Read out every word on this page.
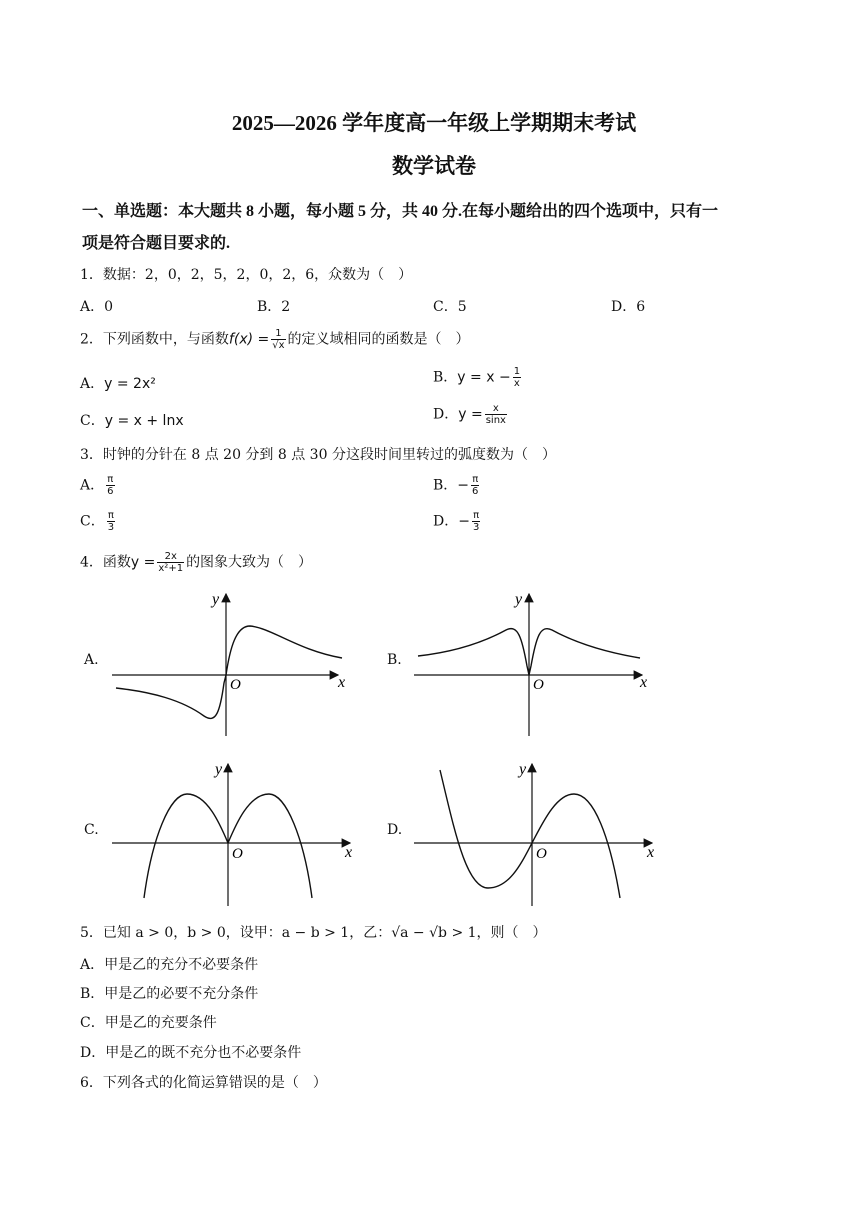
2025—2026 学年度高一年级上学期期末考试
数学试卷
一、单选题：本大题共 8 小题，每小题 5 分，共 40 分.在每小题给出的四个选项中，只有一
项是符合题目要求的.
1．数据：2，0，2，5，2，0，2，6，众数为（　）
A．0	B．2	C．5	D．6
2．下列函数中，与函数$f(x) = \frac{1}{√x}$ 的定义域相同的函数是（　）
A．y = 2x²	B．$y = x - \frac{1}{x}$
C．y = x + lnx	D．$y = \frac{x}{\sin x}$
3．时钟的分针在 8 点 20 分到 8 点 30 分这段时间里转过的弧度数为（　）
A． $\frac{\pi}{6}$	B．− $\frac{\pi}{6}$
C． $\frac{\pi}{3}$	D．− $\frac{\pi}{3}$
4．函数$y = \frac{2x}{\text{x²+1}}$ 的图象大致为（　）
A.	B.
C.	D.
x
y
O	x
y
O
x
y
O	x
y
O
5．已知 a > 0，b > 0，设甲：a − b > 1，乙：√a − √b > 1，则（　）
A．甲是乙的充分不必要条件
B．甲是乙的必要不充分条件
C．甲是乙的充要条件
D．甲是乙的既不充分也不必要条件
6．下列各式的化简运算错误的是（　）
